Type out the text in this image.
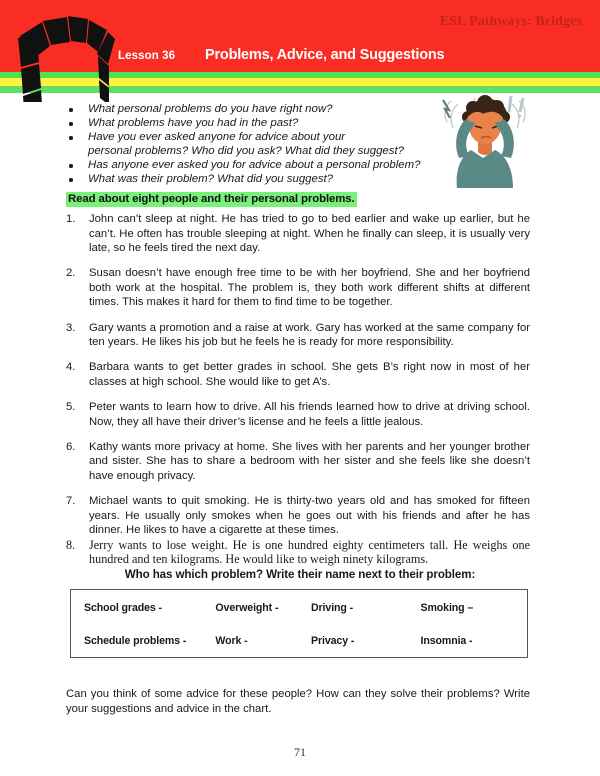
ESL Pathways: Bridges
Lesson 36 Problems, Advice, and Suggestions
What personal problems do you have right now?
What problems have you had in the past?
Have you ever asked anyone for advice about your
personal problems? Who did you ask? What did they suggest?
Has anyone ever asked you for advice about a personal problem?
What was their problem? What did you suggest?
Read about eight people and their personal problems.
1.	John can’t sleep at night. He has tried to go to bed earlier and wake up earlier, but he can’t. He often has trouble sleeping at night. When he finally can sleep, it is usually very late, so he feels tired the next day.
2.	Susan doesn’t have enough free time to be with her boyfriend. She and her boyfriend both work at the hospital. The problem is, they both work different shifts at different times. This makes it hard for them to find time to be together.
3.	Gary wants a promotion and a raise at work. Gary has worked at the same company for ten years. He likes his job but he feels he is ready for more responsibility.
4.	Barbara wants to get better grades in school. She gets B’s right now in most of her classes at high school. She would like to get A’s.
5.	Peter wants to learn how to drive. All his friends learned how to drive at driving school. Now, they all have their driver’s license and he feels a little jealous.
6.	Kathy wants more privacy at home. She lives with her parents and her younger brother and sister. She has to share a bedroom with her sister and she feels like she doesn’t have enough privacy.
7.	Michael wants to quit smoking. He is thirty-two years old and has smoked for fifteen years. He usually only smokes when he goes out with his friends and after he has dinner. He likes to have a cigarette at these times.
8.	Jerry wants to lose weight. He is one hundred eighty centimeters tall. He weighs one hundred and ten kilograms. He would like to weigh ninety kilograms.
Who has which problem? Write their name next to their problem:
School grades -	Overweight -	Driving -	Smoking –
Schedule problems -	Work -	Privacy -	Insomnia -
Can you think of some advice for these people? How can they solve their problems? Write your suggestions and advice in the chart.
71
